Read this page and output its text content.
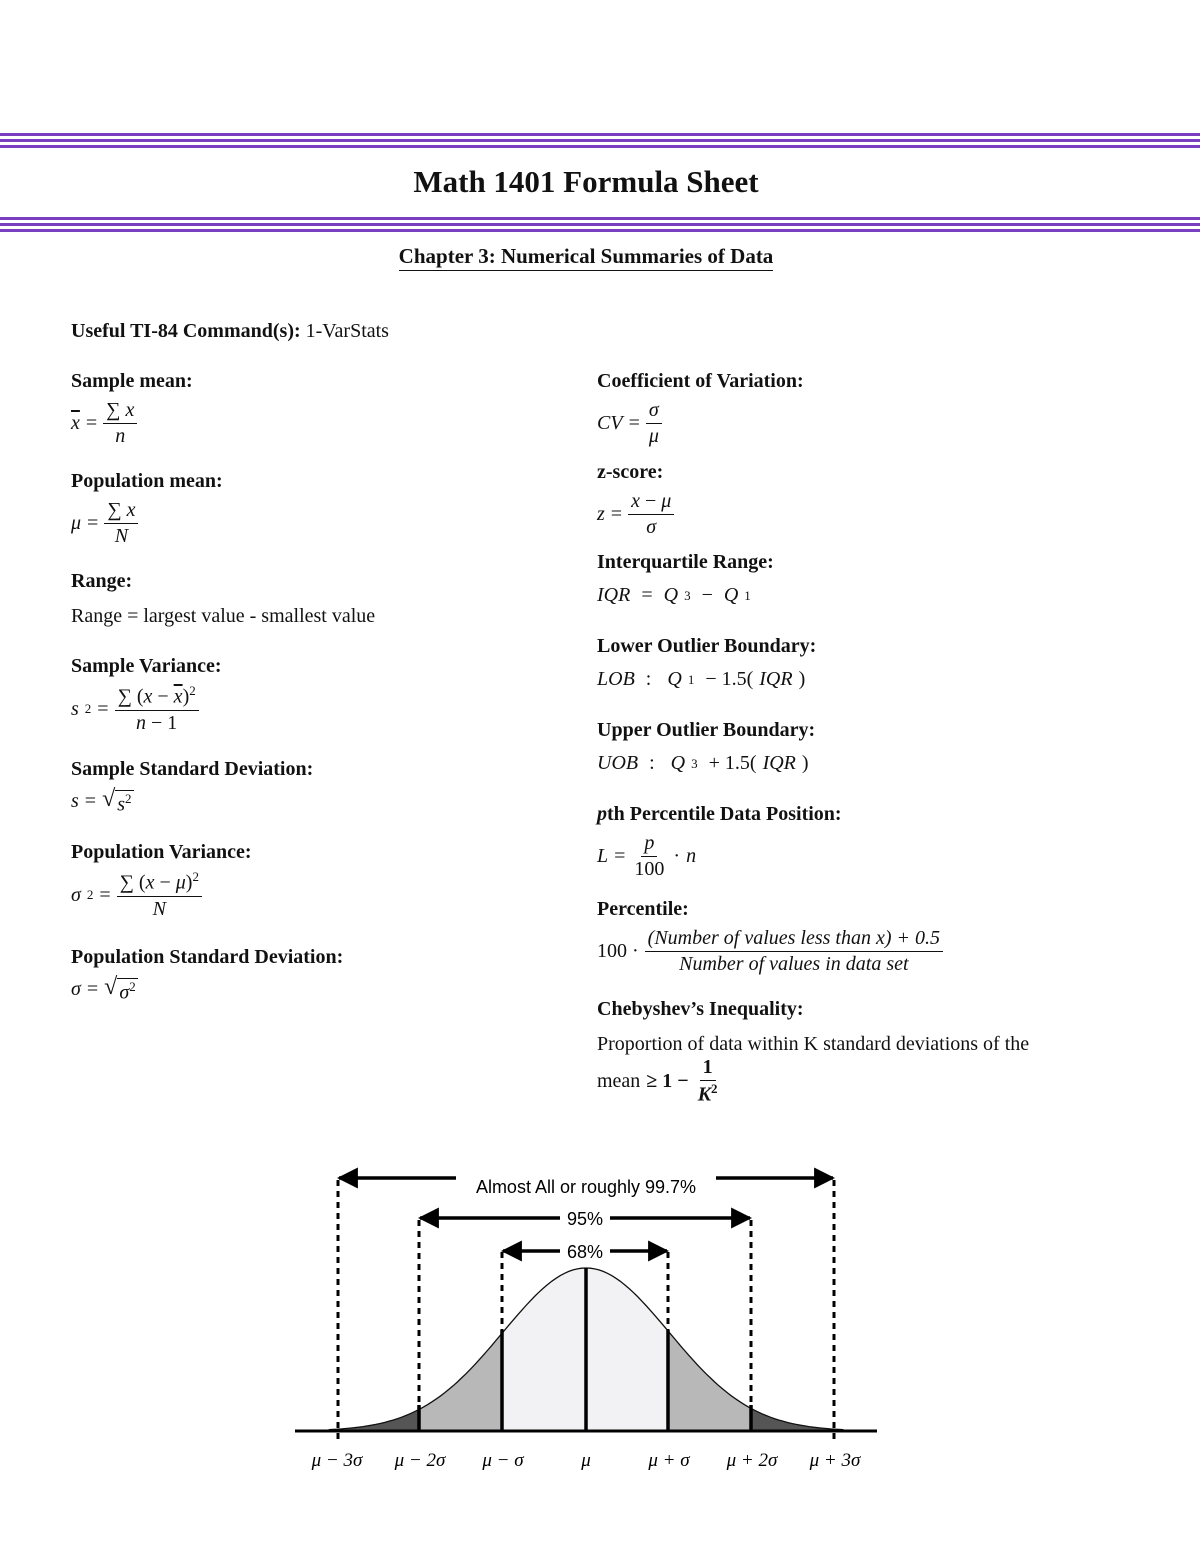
Math 1401 Formula Sheet
Chapter 3: Numerical Summaries of Data
Useful TI-84 Command(s): 1-VarStats
Sample mean:
$\overline{x} = \frac{\sum x}{n}$
Population mean:
$\mu = \frac{\sum x}{N}$
Range:
Range = largest value - smallest value
Sample Variance:
s $2 = \frac{\sum (x - \overline{x})^2}{n - 1}$
Sample Standard Deviation:
s = √ $s^2$
Population Variance:
σ $2 = \frac{\sum (x - \mu)^2}{N}$
Population Standard Deviation:
σ = √ $\sigma^2$
Coefficient of Variation:
CV = $\frac{\sigma}{\mu}$
z-score:
$z = \frac{x - \mu}{\sigma}$
Interquartile Range:
IQR = Q 3 − Q 1
Lower Outlier Boundary:
LOB : Q 1 − 1.5( IQR )
Upper Outlier Boundary:
UOB : Q 3 + 1.5( IQR )
pth Percentile Data Position:
$L = \frac{p}{100} \cdot n$
Percentile:
$100 \cdot \frac{\text{(Number of values less than x) + 0.5}}{\text{Number of values in data set}}$
Chebyshev’s Inequality:
Proportion of data within K standard deviations of the
mean ≥ $1 - \frac{1}{K^2}$
Almost All or roughly 99.7%
95%
68%
μ − 3σ μ − 2σ μ − σ	μ	μ + σ μ + 2σ μ + 3σ
